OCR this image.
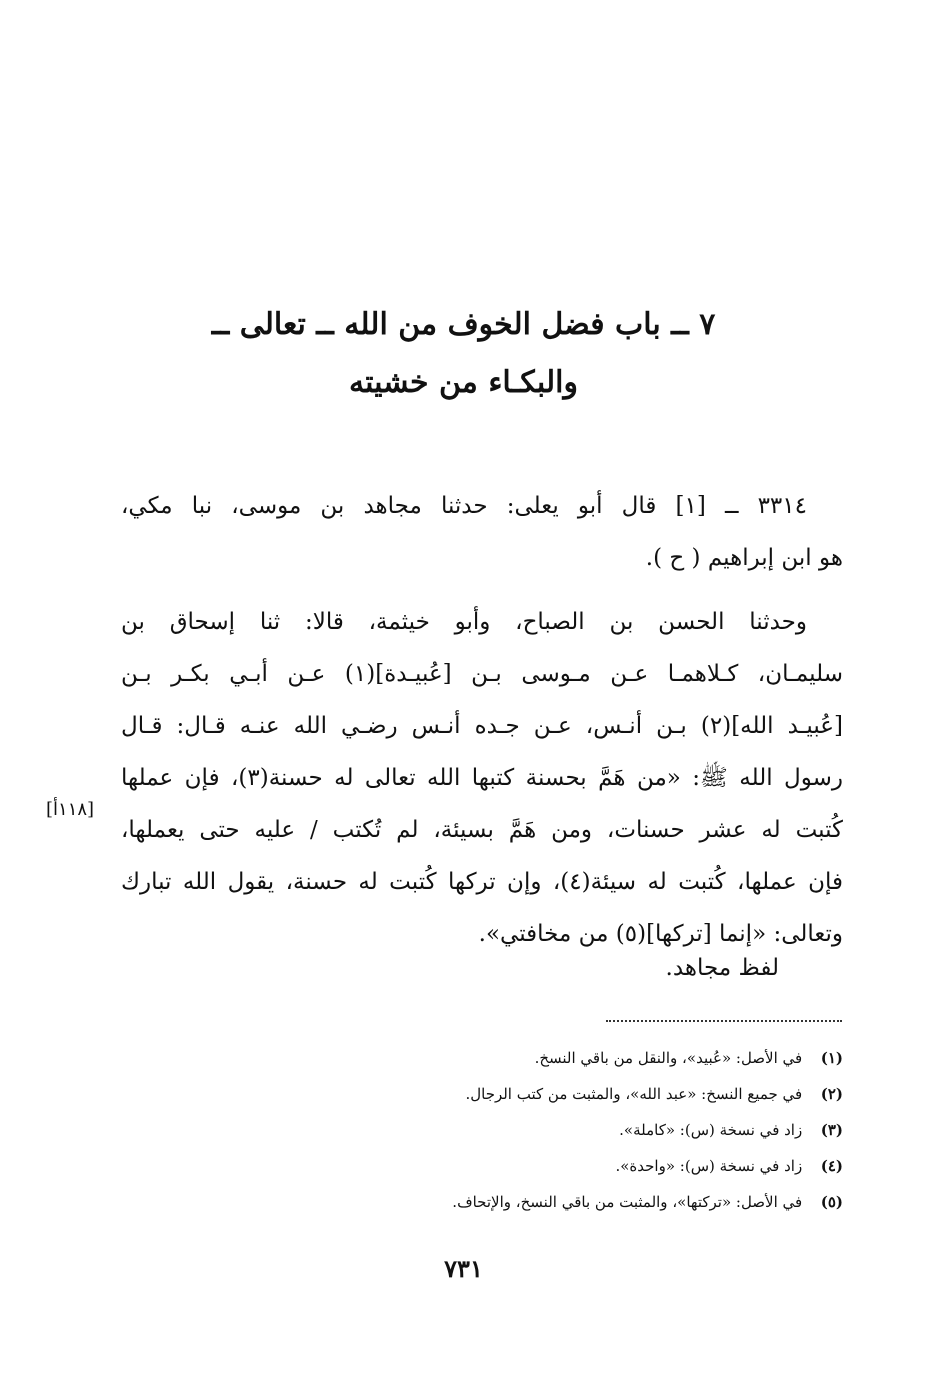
٧ ــ باب فضل الخوف من الله ــ تعالى ــ
والبكـاء من خشيته
٣٣١٤ ــ [١] قال أبو يعلى: حدثنا مجاهد بن موسى، نبا مكي،
هو ابن إبراهيم ( ح ).
وحدثنا الحسن بن الصباح، وأبو خيثمة، قالا: ثنا إسحاق بن
سليمـان، كـلاهمـا عـن مـوسى بـن [عُبيـدة](١) عـن أبـي بكـر بـن
[عُبيـد الله](٢) بـن أنـس، عـن جـده أنـس رضـي الله عنـه قـال: قـال
رسول الله ﷺ: «من هَمَّ بحسنة كتبها الله تعالى له حسنة(٣)، فإن عملها
كُتبت له عشر حسنات، ومن هَمَّ بسيئة، لم تُكتب / عليه حتى يعملها،
فإن عملها، كُتبت له سيئة(٤)، وإن تركها كُتبت له حسنة، يقول الله تبارك
وتعالى: «إنما [تركها](٥) من مخافتي».
[١١٨أ]
لفظ مجاهد.
(١) في الأصل: «عُبيد»، والنقل من باقي النسخ.
(٢) في جميع النسخ: «عبد الله»، والمثبت من كتب الرجال.
(٣) زاد في نسخة (س): «كاملة».
(٤) زاد في نسخة (س): «واحدة».
(٥) في الأصل: «تركتها»، والمثبت من باقي النسخ، والإتحاف.
٧٣١
